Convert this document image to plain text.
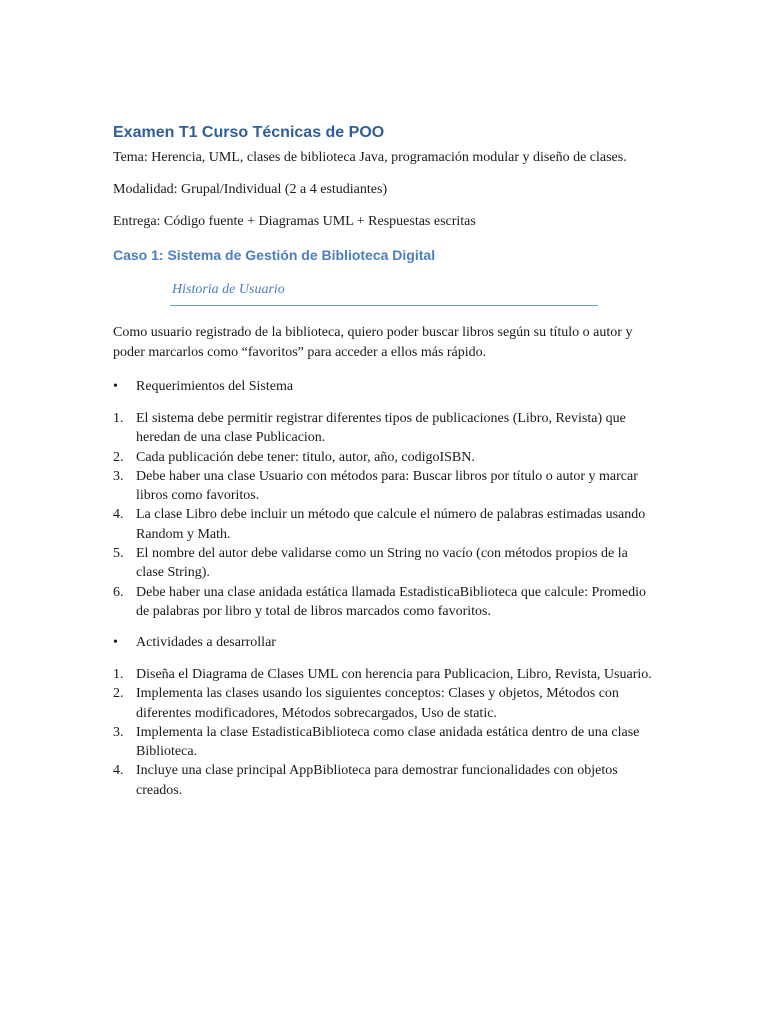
Examen T1 Curso Técnicas de POO
Tema: Herencia, UML, clases de biblioteca Java, programación modular y diseño de clases.
Modalidad: Grupal/Individual (2 a 4 estudiantes)
Entrega: Código fuente + Diagramas UML + Respuestas escritas
Caso 1: Sistema de Gestión de Biblioteca Digital
Historia de Usuario
Como usuario registrado de la biblioteca, quiero poder buscar libros según su título o autor y poder marcarlos como “favoritos” para acceder a ellos más rápido.
• Requerimientos del Sistema
1. El sistema debe permitir registrar diferentes tipos de publicaciones (Libro, Revista) que heredan de una clase Publicacion.
2. Cada publicación debe tener: titulo, autor, año, codigoISBN.
3. Debe haber una clase Usuario con métodos para: Buscar libros por título o autor y marcar libros como favoritos.
4. La clase Libro debe incluir un método que calcule el número de palabras estimadas usando Random y Math.
5. El nombre del autor debe validarse como un String no vacío (con métodos propios de la clase String).
6. Debe haber una clase anidada estática llamada EstadisticaBiblioteca que calcule: Promedio de palabras por libro y total de libros marcados como favoritos.
• Actividades a desarrollar
1. Diseña el Diagrama de Clases UML con herencia para Publicacion, Libro, Revista, Usuario.
2. Implementa las clases usando los siguientes conceptos: Clases y objetos, Métodos con diferentes modificadores, Métodos sobrecargados, Uso de static.
3. Implementa la clase EstadisticaBiblioteca como clase anidada estática dentro de una clase Biblioteca.
4. Incluye una clase principal AppBiblioteca para demostrar funcionalidades con objetos creados.
